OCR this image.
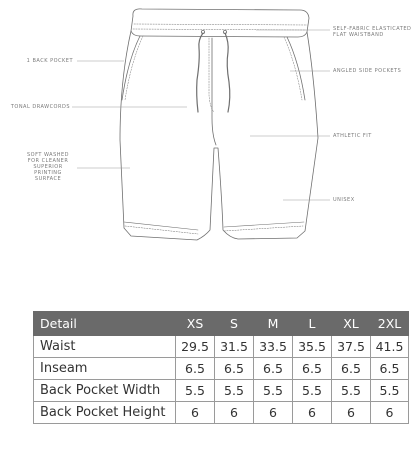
SELF-FABRIC ELASTICATED FLAT WAISTBAND
1 BACK POCKET
ANGLED SIDE POCKETS
TONAL DRAWCORDS
ATHLETIC FIT
SOFT WASHED FOR CLEANER SUPERIOR PRINTING SURFACE
UNISEX
Detail	XS	S	M	L	XL	2XL
Waist	29.5	31.5	33.5	35.5	37.5	41.5
Inseam	6.5	6.5	6.5	6.5	6.5	6.5
Back Pocket Width	5.5	5.5	5.5	5.5	5.5	5.5
Back Pocket Height	6	6	6	6	6	6
